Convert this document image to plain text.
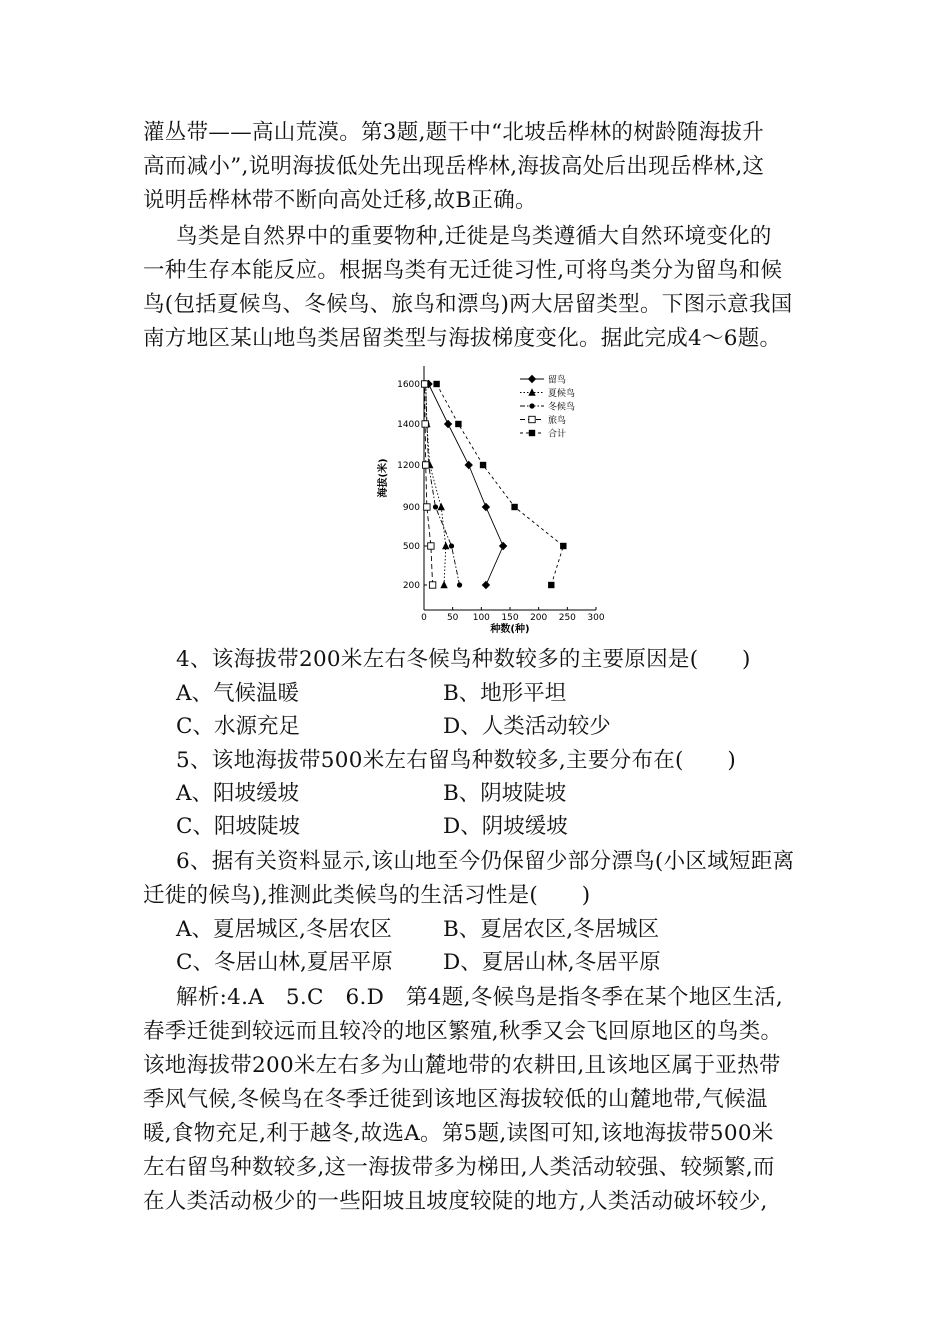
灌丛带——高山荒漠。第3题,题干中“北坡岳桦林的树龄随海拔升
高而减小”,说明海拔低处先出现岳桦林,海拔高处后出现岳桦林,这
说明岳桦林带不断向高处迁移,故B正确。
鸟类是自然界中的重要物种,迁徙是鸟类遵循大自然环境变化的
一种生存本能反应。根据鸟类有无迁徙习性,可将鸟类分为留鸟和候
鸟(包括夏候鸟、冬候鸟、旅鸟和漂鸟)两大居留类型。下图示意我国
南方地区某山地鸟类居留类型与海拔梯度变化。据此完成4～6题。
0 50 100 150 200 250 300
200
500
900
1200
1400
1600
种数(种)
海拔(米)
留鸟
夏候鸟
冬候鸟
旅鸟
合计
4、该海拔带200米左右冬候鸟种数较多的主要原因是(　　)
A、气候温暖	B、地形平坦
C、水源充足	D、人类活动较少
5、该地海拔带500米左右留鸟种数较多,主要分布在(　　)
A、阳坡缓坡	B、阴坡陡坡
C、阳坡陡坡	D、阴坡缓坡
6、据有关资料显示,该山地至今仍保留少部分漂鸟(小区域短距离
迁徙的候鸟),推测此类候鸟的生活习性是(　　)
A、夏居城区,冬居农区 B、夏居农区,冬居城区
C、冬居山林,夏居平原 D、夏居山林,冬居平原
解析:4.A　5.C　6.D　第4题,冬候鸟是指冬季在某个地区生活,
春季迁徙到较远而且较冷的地区繁殖,秋季又会飞回原地区的鸟类。
该地海拔带200米左右多为山麓地带的农耕田,且该地区属于亚热带
季风气候,冬候鸟在冬季迁徙到该地区海拔较低的山麓地带,气候温
暖,食物充足,利于越冬,故选A。第5题,读图可知,该地海拔带500米
左右留鸟种数较多,这一海拔带多为梯田,人类活动较强、较频繁,而
在人类活动极少的一些阳坡且坡度较陡的地方,人类活动破坏较少,
